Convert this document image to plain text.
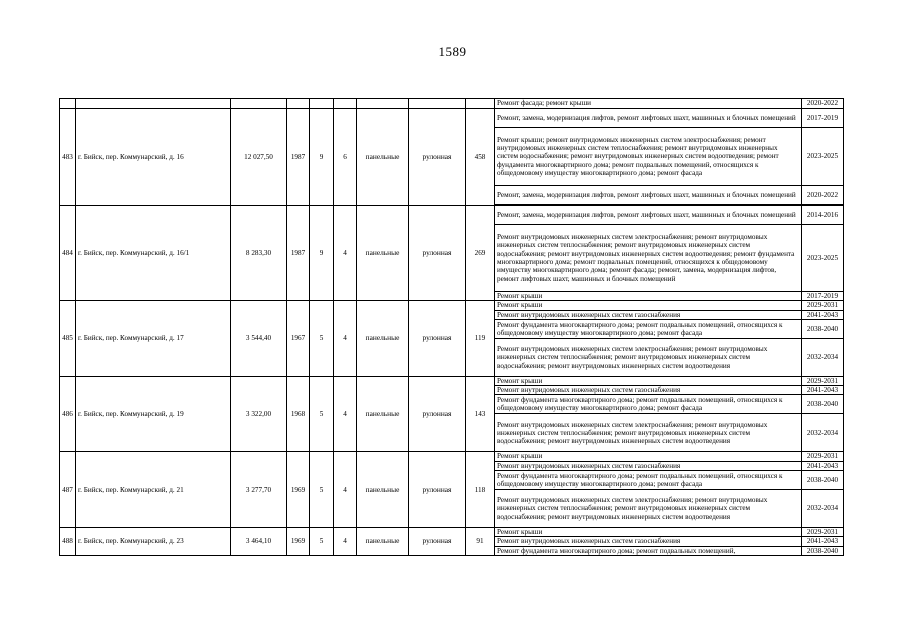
1589
									Ремонт фасада; ремонт крыши	2020-2022
483	г. Бийск, пер. Коммунарский, д. 16	12 027,50	1987	9	6	панельные	рулонная	458	Ремонт, замена, модернизация лифтов, ремонт лифтовых шахт, машинных и блочных помещений	2017-2019
									Ремонт крыши; ремонт внутридомовых инженерных систем электроснабжения; ремонт внутридомовых инженерных систем теплоснабжения; ремонт внутридомовых инженерных систем водоснабжения; ремонт внутридомовых инженерных систем водоотведения; ремонт фундамента многоквартирного дома; ремонт подвальных помещений, относящихся к общедомовому имуществу многоквартирного дома; ремонт фасада	2023-2025
									Ремонт, замена, модернизация лифтов, ремонт лифтовых шахт, машинных и блочных помещений	2020-2022

484	г. Бийск, пер. Коммунарский, д. 16/1	8 283,30	1987	9	4	панельные	рулонная	269	Ремонт, замена, модернизация лифтов, ремонт лифтовых шахт, машинных и блочных помещений	2014-2016
									Ремонт внутридомовых инженерных систем электроснабжения; ремонт внутридомовых инженерных систем теплоснабжения; ремонт внутридомовых инженерных систем водоснабжения; ремонт внутридомовых инженерных систем водоотведения; ремонт фундамента многоквартирного дома; ремонт подвальных помещений, относящихся к общедомовому имуществу многоквартирного дома; ремонт фасада; ремонт, замена, модернизация лифтов, ремонт лифтовых шахт, машинных и блочных помещений	2023-2025
									Ремонт крыши	2017-2019
485	г. Бийск, пер. Коммунарский, д. 17	3 544,40	1967	5	4	панельные	рулонная	119	Ремонт крыши	2029-2031
									Ремонт внутридомовых инженерных систем газоснабжения	2041-2043
									Ремонт фундамента многоквартирного дома; ремонт подвальных помещений, относящихся к общедомовому имуществу многоквартирного дома; ремонт фасада	2038-2040
									Ремонт внутридомовых инженерных систем электроснабжения; ремонт внутридомовых инженерных систем теплоснабжения; ремонт внутридомовых инженерных систем водоснабжения; ремонт внутридомовых инженерных систем водоотведения	2032-2034
486	г. Бийск, пер. Коммунарский, д. 19	3 322,00	1968	5	4	панельные	рулонная	143	Ремонт крыши	2029-2031
									Ремонт внутридомовых инженерных систем газоснабжения	2041-2043
									Ремонт фундамента многоквартирного дома; ремонт подвальных помещений, относящихся к общедомовому имуществу многоквартирного дома; ремонт фасада	2038-2040
									Ремонт внутридомовых инженерных систем электроснабжения; ремонт внутридомовых инженерных систем теплоснабжения; ремонт внутридомовых инженерных систем водоснабжения; ремонт внутридомовых инженерных систем водоотведения	2032-2034
487	г. Бийск, пер. Коммунарский, д. 21	3 277,70	1969	5	4	панельные	рулонная	118	Ремонт крыши	2029-2031
									Ремонт внутридомовых инженерных систем газоснабжения	2041-2043
									Ремонт фундамента многоквартирного дома; ремонт подвальных помещений, относящихся к общедомовому имуществу многоквартирного дома; ремонт фасада	2038-2040
									Ремонт внутридомовых инженерных систем электроснабжения; ремонт внутридомовых инженерных систем теплоснабжения; ремонт внутридомовых инженерных систем водоснабжения; ремонт внутридомовых инженерных систем водоотведения	2032-2034
488	г. Бийск, пер. Коммунарский, д. 23	3 464,10	1969	5	4	панельные	рулонная	91	Ремонт крыши	2029-2031
									Ремонт внутридомовых инженерных систем газоснабжения	2041-2043
									Ремонт фундамента многоквартирного дома; ремонт подвальных помещений,	2038-2040
